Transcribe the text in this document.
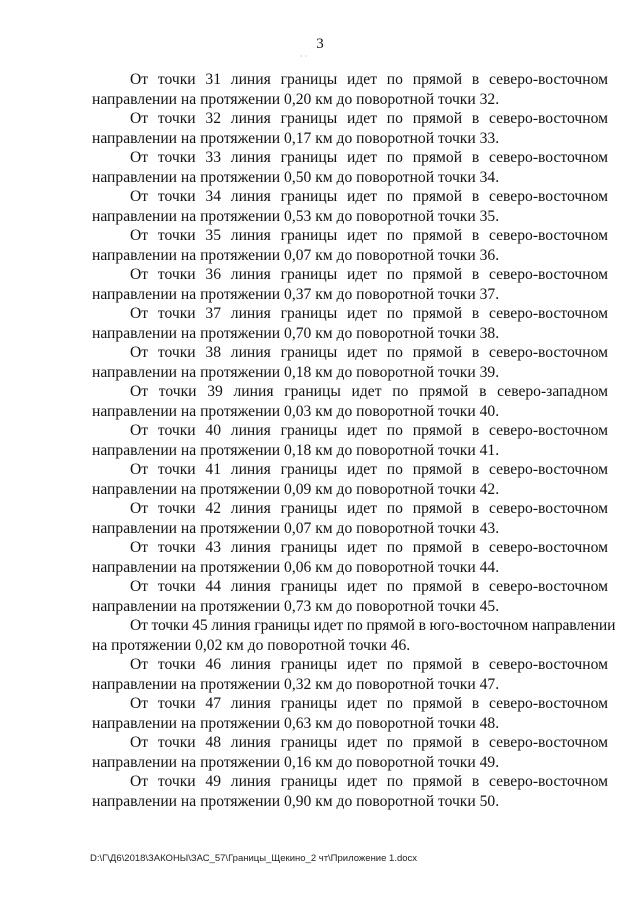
3
· ·
От точки 31 линия границы идет по прямой в северо-восточном
направлении на протяжении 0,20 км до поворотной точки 32.
От точки 32 линия границы идет по прямой в северо-восточном
направлении на протяжении 0,17 км до поворотной точки 33.
От точки 33 линия границы идет по прямой в северо-восточном
направлении на протяжении 0,50 км до поворотной точки 34.
От точки 34 линия границы идет по прямой в северо-восточном
направлении на протяжении 0,53 км до поворотной точки 35.
От точки 35 линия границы идет по прямой в северо-восточном
направлении на протяжении 0,07 км до поворотной точки 36.
От точки 36 линия границы идет по прямой в северо-восточном
направлении на протяжении 0,37 км до поворотной точки 37.
От точки 37 линия границы идет по прямой в северо-восточном
направлении на протяжении 0,70 км до поворотной точки 38.
От точки 38 линия границы идет по прямой в северо-восточном
направлении на протяжении 0,18 км до поворотной точки 39.
От точки 39 линия границы идет по прямой в северо-западном
направлении на протяжении 0,03 км до поворотной точки 40.
От точки 40 линия границы идет по прямой в северо-восточном
направлении на протяжении 0,18 км до поворотной точки 41.
От точки 41 линия границы идет по прямой в северо-восточном
направлении на протяжении 0,09 км до поворотной точки 42.
От точки 42 линия границы идет по прямой в северо-восточном
направлении на протяжении 0,07 км до поворотной точки 43.
От точки 43 линия границы идет по прямой в северо-восточном
направлении на протяжении 0,06 км до поворотной точки 44.
От точки 44 линия границы идет по прямой в северо-восточном
направлении на протяжении 0,73 км до поворотной точки 45.
От точки 45 линия границы идет по прямой в юго-восточном направлении
на протяжении 0,02 км до поворотной точки 46.
От точки 46 линия границы идет по прямой в северо-восточном
направлении на протяжении 0,32 км до поворотной точки 47.
От точки 47 линия границы идет по прямой в северо-восточном
направлении на протяжении 0,63 км до поворотной точки 48.
От точки 48 линия границы идет по прямой в северо-восточном
направлении на протяжении 0,16 км до поворотной точки 49.
От точки 49 линия границы идет по прямой в северо-восточном
направлении на протяжении 0,90 км до поворотной точки 50.
D:\Г\Д6\2018\ЗАКОНЫ\ЗАС_57\Границы_Щекино_2 чт\Приложение 1.docx
